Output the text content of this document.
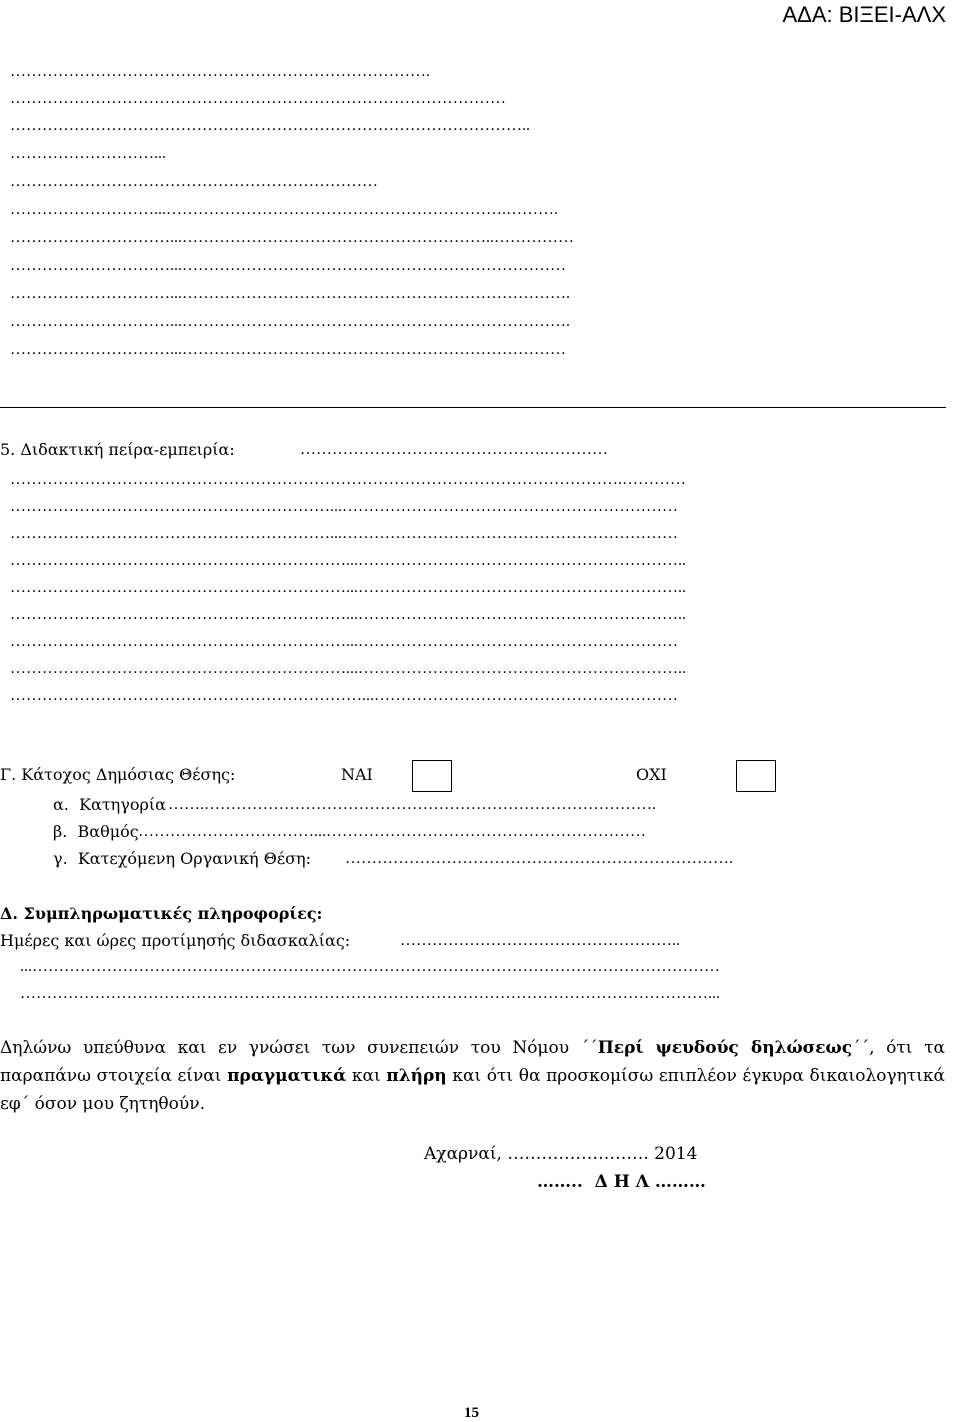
ΑΔΑ: ΒΙΞΕΙ-ΑΛΧ
…………………………………………………………………….
…………………………………………………………………………………
……………………………………………………………………………………..
………………………...
……………………………………………………………
………………………...……………………………………………………….……….
…………………………...…………………………………………………..……………
…………………………...………………………………………………………………
…………………………...……………………………………………………………….
…………………………...……………………………………………………………….
…………………………...………………………………………………………………
5. Διδακτική πείρα-εμπειρία:	……………………………………….…………
…………………………………………………………………………………………………….…………
……………………………………………………...………………………………………………………
……………………………………………………...………………………………………………………
………………………………………………………...……………………………………………………..
………………………………………………………...……………………………………………………..
………………………………………………………...……………………………………………………..
………………………………………………………...……………………………………………………
………………………………………………………...……………………………………………………..
…………………………………………………………...…………………………………………………
Γ. Κάτοχος Δημόσιας Θέσης:	ΝΑΙ	ΟΧΙ
α.  Κατηγορία …….………………………………………………………………………….
β.  Βαθμός ……………………………...……………………………………………………
γ.  Κατεχόμενη Οργανική Θέση: ……………………………………………………………….
Δ. Συμπληρωματικές πληροφορίες:
Ημέρες και ώρες προτίμησής διδασκαλίας:	……………………………………………..
...…………………………………………………………………………………………………………………
…………………………………………………………………………………………………………………...
Δηλώνω υπεύθυνα και εν γνώσει των συνεπειών του Νόμου ΄΄Περί ψευδούς δηλώσεως΄΄, ότι τα παραπάνω στοιχεία είναι πραγματικά και πλήρη και ότι θα προσκομίσω επιπλέον έγκυρα δικαιολογητικά εφ΄ όσον μου ζητηθούν.
Αχαρναί, ……………………. 2014
……..  Δ Η Λ ………
15
